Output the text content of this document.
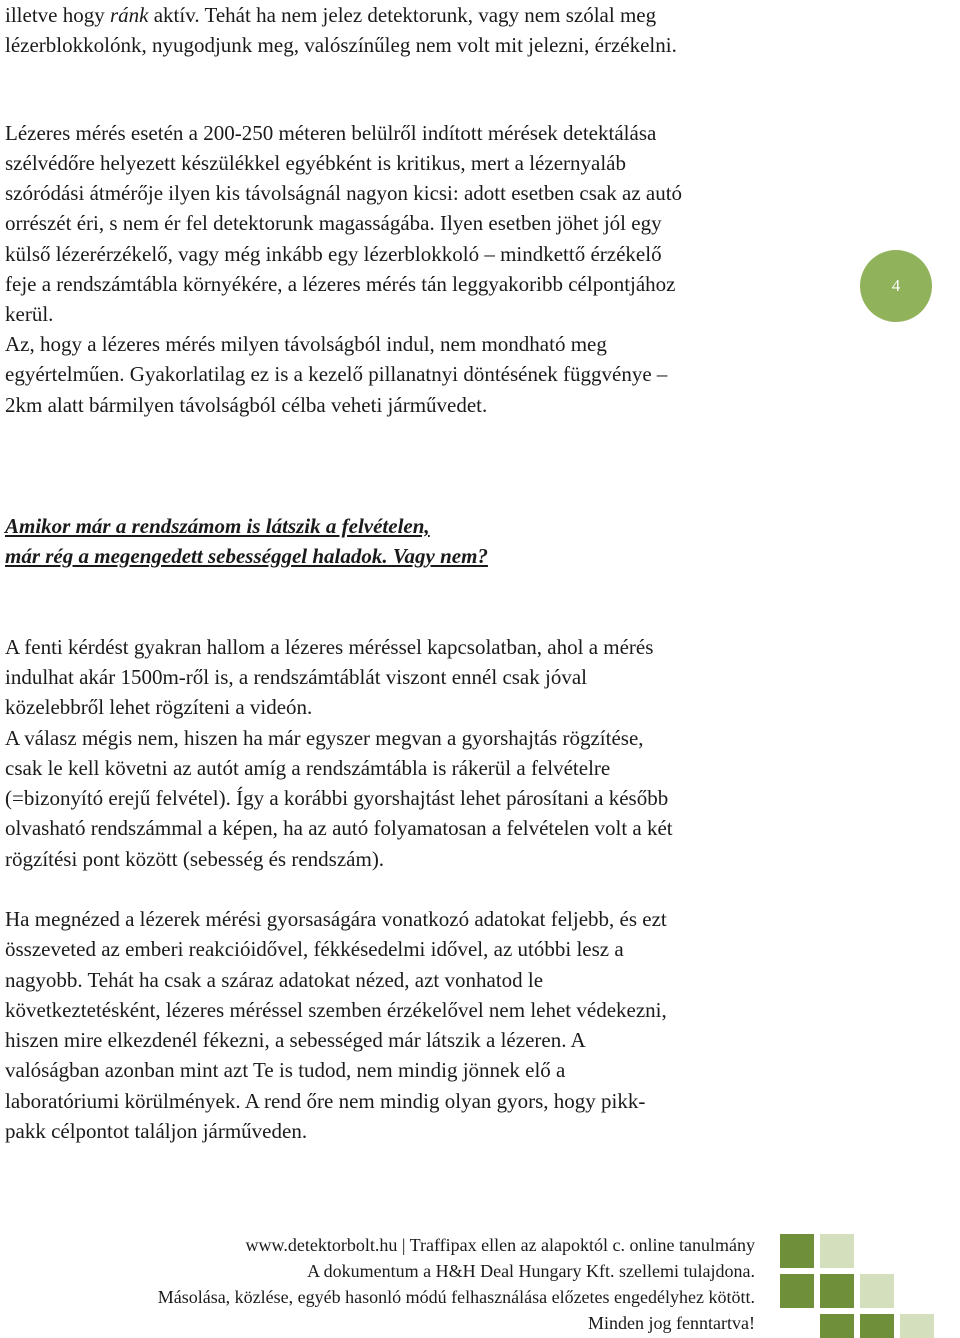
illetve hogy ránk aktív. Tehát ha nem jelez detektorunk, vagy nem szólal meg

lézerblokkolónk, nyugodjunk meg, valószínűleg nem volt mit jelezni, érzékelni.

Lézeres mérés esetén a 200-250 méteren belülről indított mérések detektálása

szélvédőre helyezett készülékkel egyébként is kritikus, mert a lézernyaláb

szóródási átmérője ilyen kis távolságnál nagyon kicsi: adott esetben csak az autó

orrészét éri, s nem ér fel detektorunk magasságába. Ilyen esetben jöhet jól egy

külső lézerérzékelő, vagy még inkább egy lézerblokkoló – mindkettő érzékelő

feje a rendszámtábla környékére, a lézeres mérés tán leggyakoribb célpontjához

kerül.

Az, hogy a lézeres mérés milyen távolságból indul, nem mondható meg

egyértelműen. Gyakorlatilag ez is a kezelő pillanatnyi döntésének függvénye –

2km alatt bármilyen távolságból célba veheti járművedet.

4

Amikor már a rendszámom is látszik a felvételen,

már rég a megengedett sebességgel haladok. Vagy nem?

A fenti kérdést gyakran hallom a lézeres méréssel kapcsolatban, ahol a mérés

indulhat akár 1500m-ről is, a rendszámtáblát viszont ennél csak jóval

közelebbről lehet rögzíteni a videón.

A válasz mégis nem, hiszen ha már egyszer megvan a gyorshajtás rögzítése,

csak le kell követni az autót amíg a rendszámtábla is rákerül a felvételre

(=bizonyító erejű felvétel). Így a korábbi gyorshajtást lehet párosítani a később

olvasható rendszámmal a képen, ha az autó folyamatosan a felvételen volt a két

rögzítési pont között (sebesség és rendszám).

Ha megnézed a lézerek mérési gyorsaságára vonatkozó adatokat feljebb, és ezt

összeveted az emberi reakcióidővel, fékkésedelmi idővel, az utóbbi lesz a

nagyobb. Tehát ha csak a száraz adatokat nézed, azt vonhatod le

következtetésként, lézeres méréssel szemben érzékelővel nem lehet védekezni,

hiszen mire elkezdenél fékezni, a sebességed már látszik a lézeren. A

valóságban azonban mint azt Te is tudod, nem mindig jönnek elő a

laboratóriumi körülmények. A rend őre nem mindig olyan gyors, hogy pikk-

pakk célpontot találjon járműveden.

www.detektorbolt.hu | Traffipax ellen az alapoktól c. online tanulmány
A dokumentum a H&H Deal Hungary Kft. szellemi tulajdona.
Másolása, közlése, egyéb hasonló módú felhasználása előzetes engedélyhez kötött.
Minden jog fenntartva!
